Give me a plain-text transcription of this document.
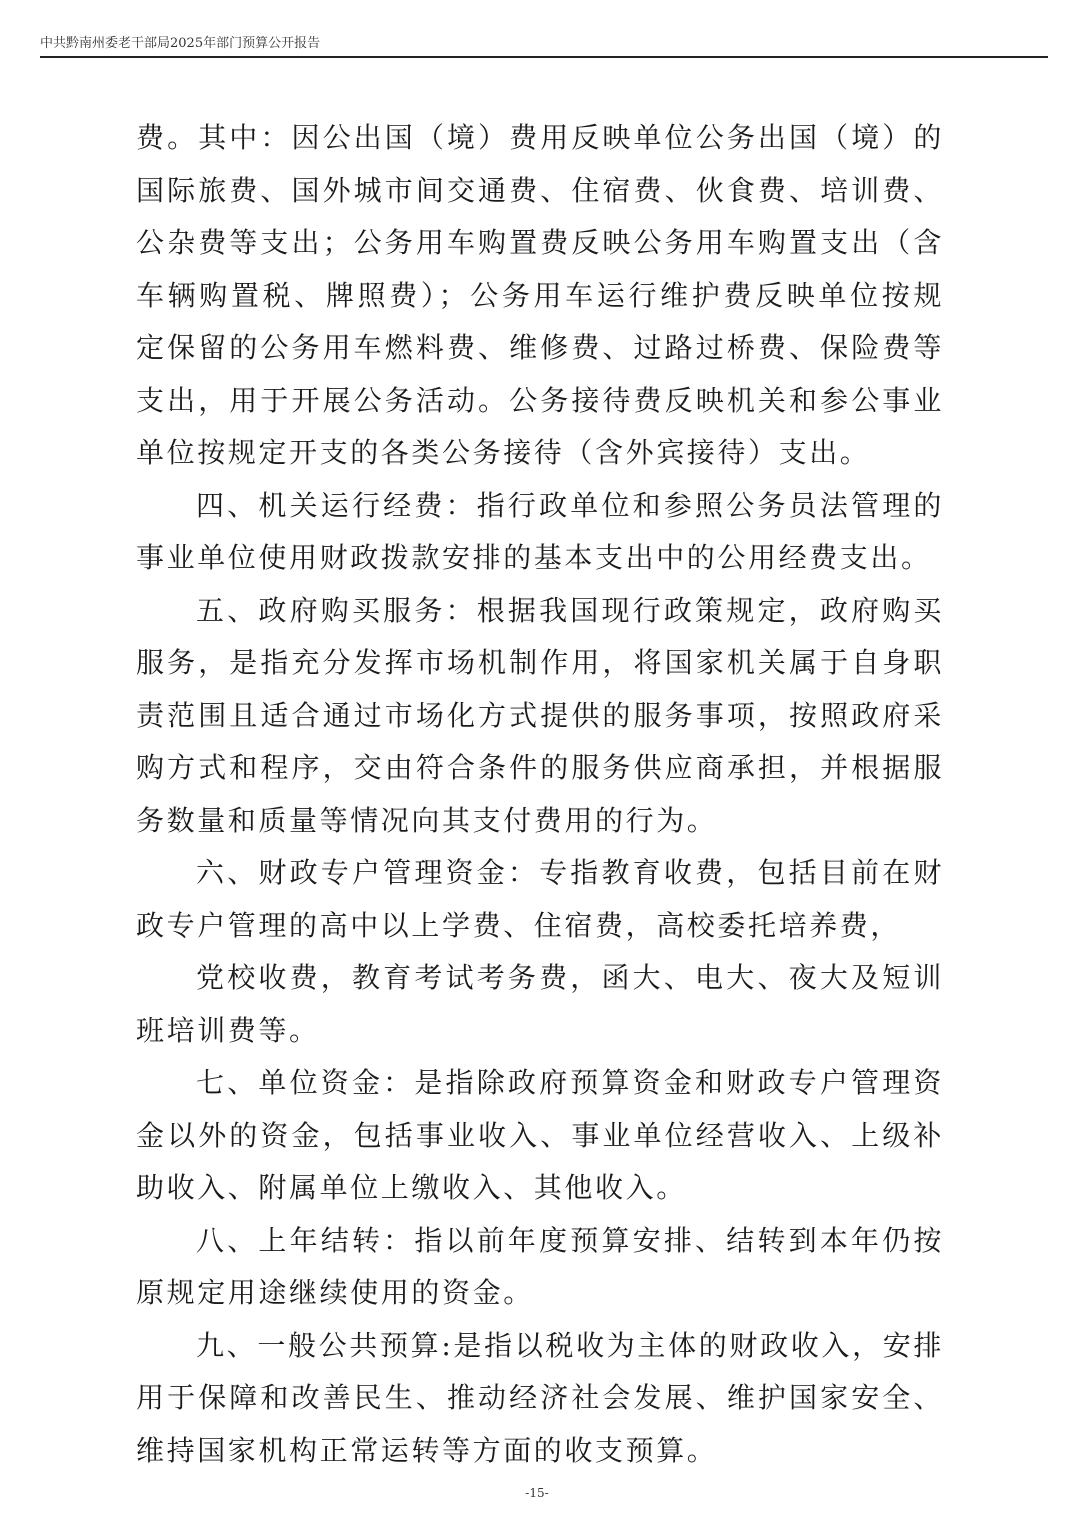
中共黔南州委老干部局2025年部门预算公开报告

费。其中：因公出国（境）费用反映单位公务出国（境）的国际旅费、国外城市间交通费、住宿费、伙食费、培训费、公杂费等支出；公务用车购置费反映公务用车购置支出（含车辆购置税、牌照费）；公务用车运行维护费反映单位按规定保留的公务用车燃料费、维修费、过路过桥费、保险费等支出，用于开展公务活动。公务接待费反映机关和参公事业单位按规定开支的各类公务接待（含外宾接待）支出。

四、机关运行经费：指行政单位和参照公务员法管理的事业单位使用财政拨款安排的基本支出中的公用经费支出。

五、政府购买服务：根据我国现行政策规定，政府购买服务，是指充分发挥市场机制作用，将国家机关属于自身职责范围且适合通过市场化方式提供的服务事项，按照政府采购方式和程序，交由符合条件的服务供应商承担，并根据服务数量和质量等情况向其支付费用的行为。

六、财政专户管理资金：专指教育收费，包括目前在财政专户管理的高中以上学费、住宿费，高校委托培养费，

党校收费，教育考试考务费，函大、电大、夜大及短训班培训费等。

七、单位资金：是指除政府预算资金和财政专户管理资金以外的资金，包括事业收入、事业单位经营收入、上级补助收入、附属单位上缴收入、其他收入。

八、上年结转：指以前年度预算安排、结转到本年仍按原规定用途继续使用的资金。

九、一般公共预算:是指以税收为主体的财政收入，安排用于保障和改善民生、推动经济社会发展、维护国家安全、维持国家机构正常运转等方面的收支预算。

-15-
